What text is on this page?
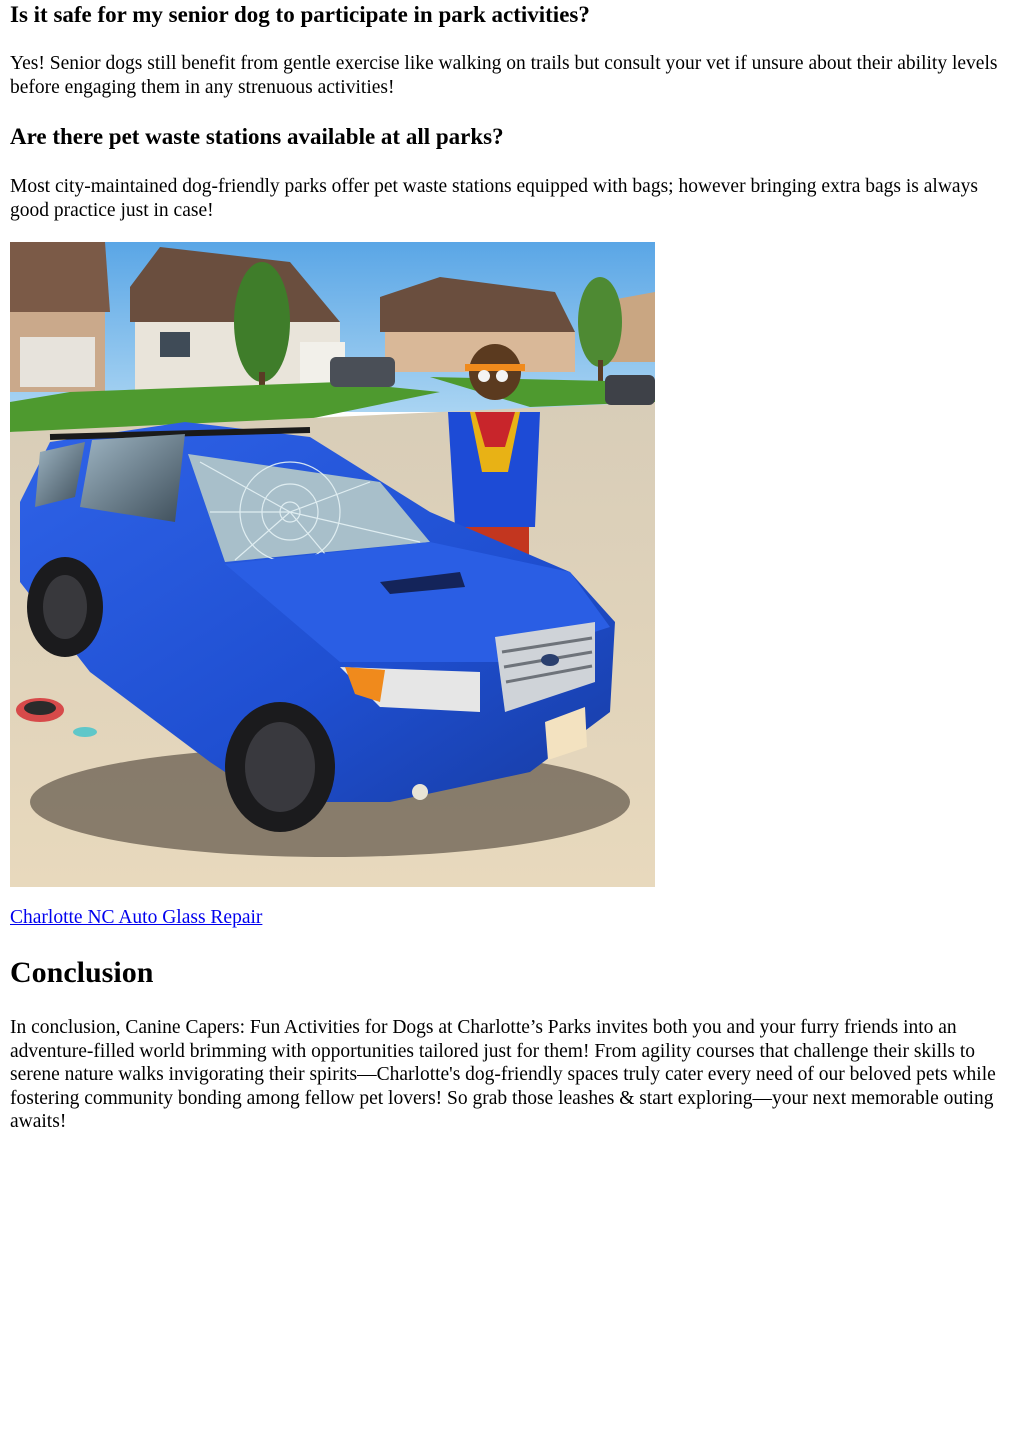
Is it safe for my senior dog to participate in park activities?

Yes! Senior dogs still benefit from gentle exercise like walking on trails but consult your vet if unsure about their ability levels before engaging them in any strenuous activities!

Are there pet waste stations available at all parks?

Most city-maintained dog-friendly parks offer pet waste stations equipped with bags; however bringing extra bags is always good practice just in case!

Charlotte NC Auto Glass Repair
Conclusion

In conclusion, Canine Capers: Fun Activities for Dogs at Charlotte’s Parks invites both you and your furry friends into an adventure-filled world brimming with opportunities tailored just for them! From agility courses that challenge their skills to serene nature walks invigorating their spirits—Charlotte's dog-friendly spaces truly cater every need of our beloved pets while fostering community bonding among fellow pet lovers! So grab those leashes & start exploring—your next memorable outing awaits!
